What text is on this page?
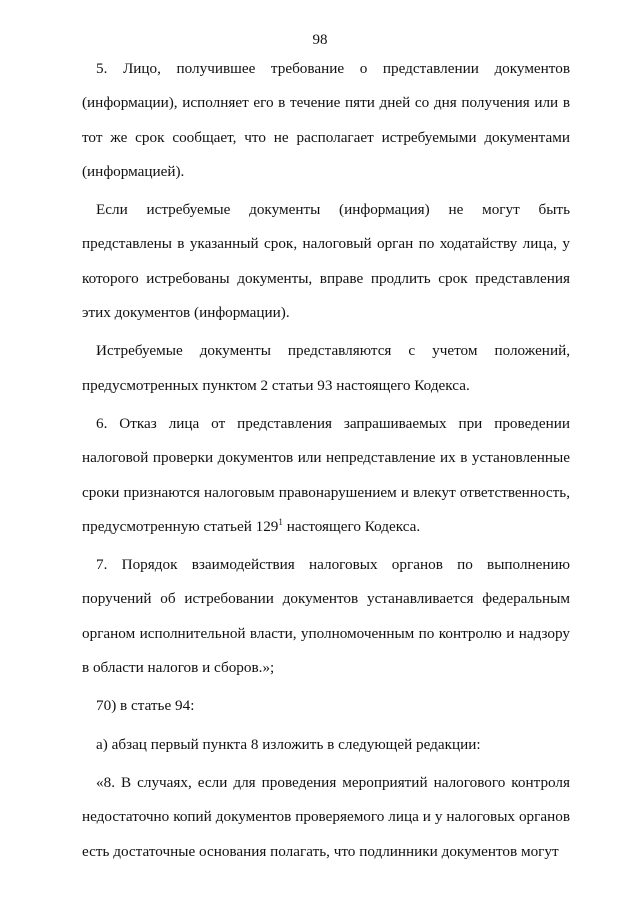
98

5. Лицо, получившее требование о представлении документов (информации), исполняет его в течение пяти дней со дня получения или в тот же срок сообщает, что не располагает истребуемыми документами (информацией).

Если истребуемые документы (информация) не могут быть представлены в указанный срок, налоговый орган по ходатайству лица, у которого истребованы документы, вправе продлить срок представления этих документов (информации).

Истребуемые документы представляются с учетом положений, предусмотренных пунктом 2 статьи 93 настоящего Кодекса.

6. Отказ лица от представления запрашиваемых при проведении налоговой проверки документов или непредставление их в установленные сроки признаются налоговым правонарушением и влекут ответственность, предусмотренную статьей $129^1$ настоящего Кодекса.

7. Порядок взаимодействия налоговых органов по выполнению поручений об истребовании документов устанавливается федеральным органом исполнительной власти, уполномоченным по контролю и надзору в области налогов и сборов.»;

70) в статье 94:

а) абзац первый пункта 8 изложить в следующей редакции:

«8. В случаях, если для проведения мероприятий налогового контроля недостаточно копий документов проверяемого лица и у налоговых органов есть достаточные основания полагать, что подлинники документов могут
